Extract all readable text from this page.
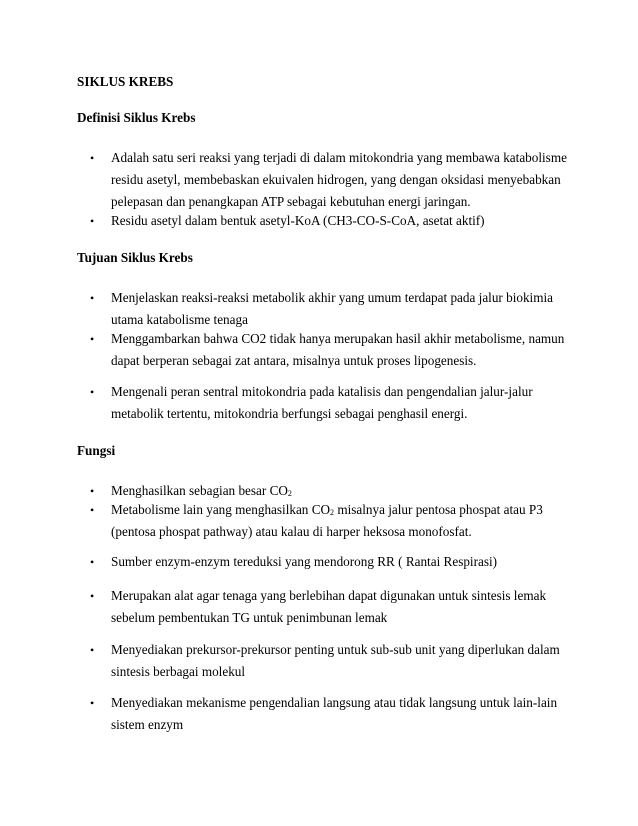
SIKLUS KREBS
Definisi Siklus Krebs
• Adalah satu seri reaksi yang terjadi di dalam mitokondria yang membawa katabolisme
residu asetyl, membebaskan ekuivalen hidrogen, yang dengan oksidasi menyebabkan
pelepasan dan penangkapan ATP sebagai kebutuhan energi jaringan.
• Residu asetyl dalam bentuk asetyl-KoA (CH3-CO-S-CoA, asetat aktif)
Tujuan Siklus Krebs
• Menjelaskan reaksi-reaksi metabolik akhir yang umum terdapat pada jalur biokimia
utama katabolisme tenaga
• Menggambarkan bahwa CO2 tidak hanya merupakan hasil akhir metabolisme, namun
dapat berperan sebagai zat antara, misalnya untuk proses lipogenesis.
• Mengenali peran sentral mitokondria pada katalisis dan pengendalian jalur-jalur
metabolik tertentu, mitokondria berfungsi sebagai penghasil energi.
Fungsi
• Menghasilkan sebagian besar $CO_2$
• Metabolisme lain yang menghasilkan $CO_2$ misalnya jalur pentosa phospat atau P3
(pentosa phospat pathway) atau kalau di harper heksosa monofosfat.
• Sumber enzym-enzym tereduksi yang mendorong RR ( Rantai Respirasi)
• Merupakan alat agar tenaga yang berlebihan dapat digunakan untuk sintesis lemak
sebelum pembentukan TG untuk penimbunan lemak
• Menyediakan prekursor-prekursor penting untuk sub-sub unit yang diperlukan dalam
sintesis berbagai molekul
• Menyediakan mekanisme pengendalian langsung atau tidak langsung untuk lain-lain
sistem enzym
